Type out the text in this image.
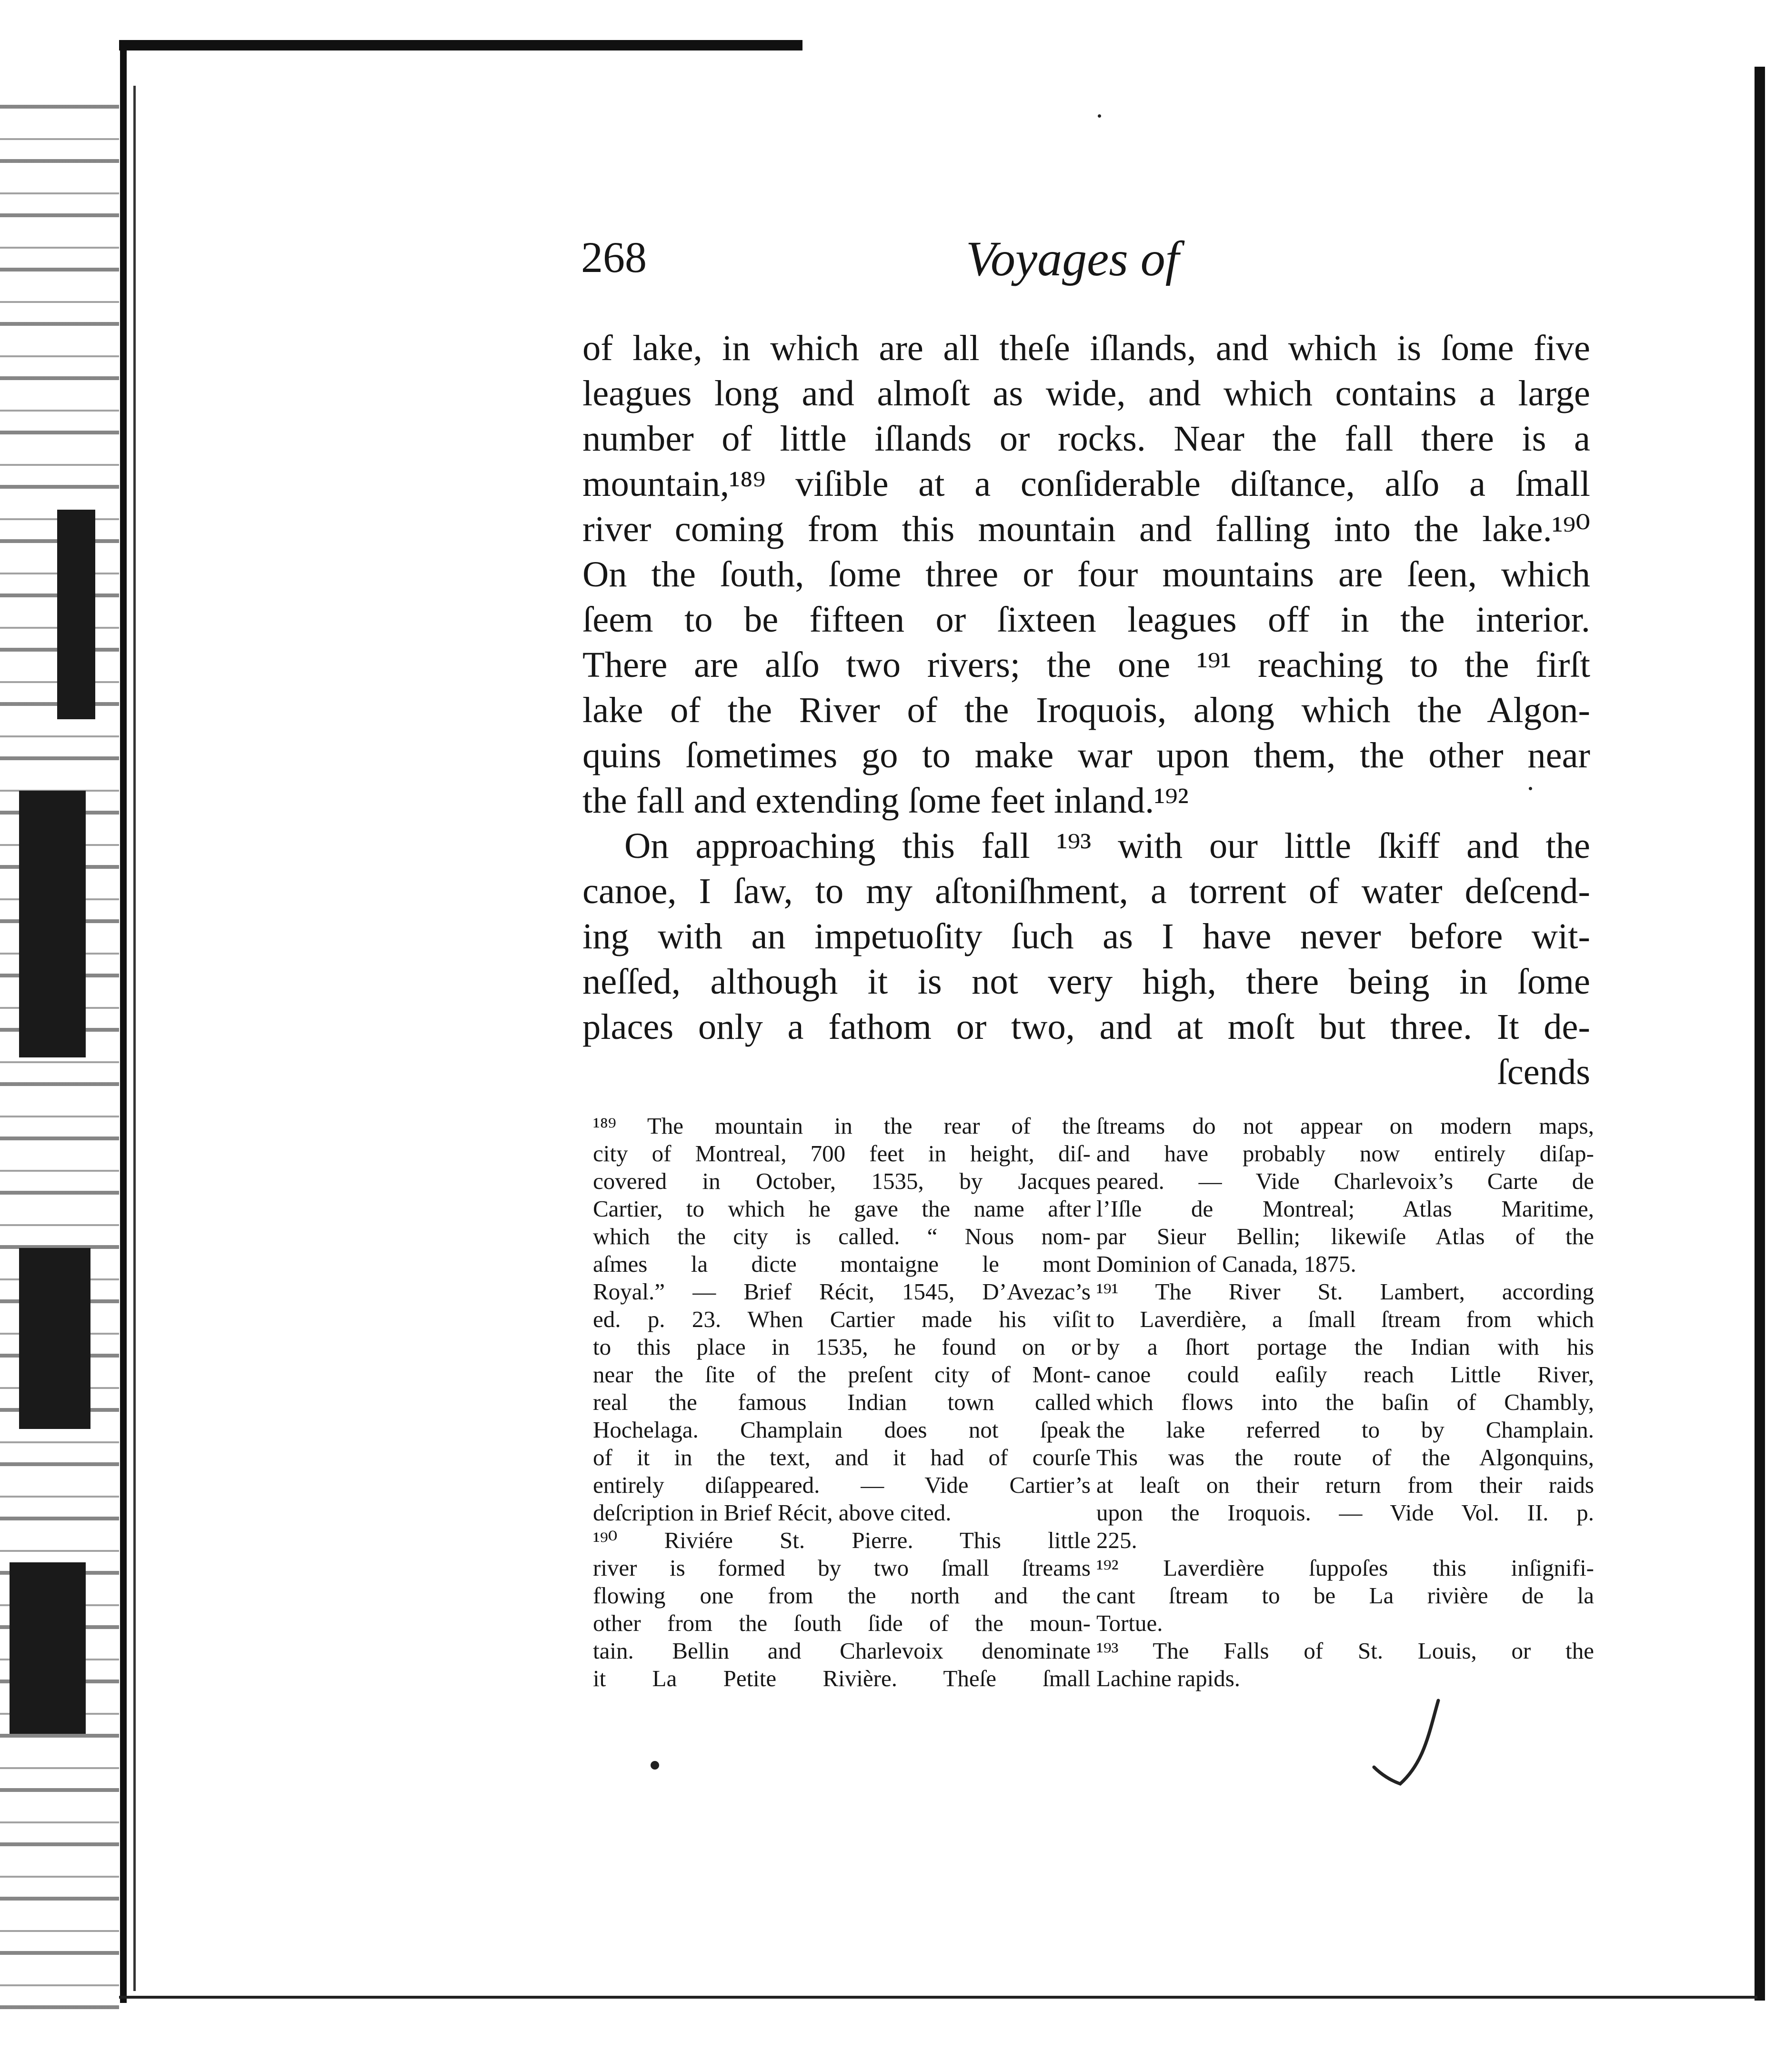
268	Voyages of
of lake, in which are all theſe iſlands, and which is ſome five
leagues long and almoſt as wide, and which contains a large
number of little iſlands or rocks. Near the fall there is a
mountain,¹⁸⁹ viſible at a conſiderable diſtance, alſo a ſmall
river coming from this mountain and falling into the lake.¹⁹⁰
On the ſouth, ſome three or four mountains are ſeen, which
ſeem to be fifteen or ſixteen leagues off in the interior.
There are alſo two rivers; the one ¹⁹¹ reaching to the firſt
lake of the River of the Iroquois, along which the Algon-
quins ſometimes go to make war upon them, the other near
the fall and extending ſome feet inland.¹⁹²
On approaching this fall ¹⁹³ with our little ſkiff and the
canoe, I ſaw, to my aſtoniſhment, a torrent of water deſcend-
ing with an impetuoſity ſuch as I have never before wit-
neſſed, although it is not very high, there being in ſome
places only a fathom or two, and at moſt but three. It de-
ſcends
¹⁸⁹ The mountain in the rear of the
city of Montreal, 700 feet in height, diſ-
covered in October, 1535, by Jacques
Cartier, to which he gave the name after
which the city is called. “ Nous nom-
aſmes la dicte montaigne le mont
Royal.” — Brief Récit, 1545, D’Avezac’s
ed. p. 23. When Cartier made his viſit
to this place in 1535, he found on or
near the ſite of the preſent city of Mont-
real the famous Indian town called
Hochelaga. Champlain does not ſpeak
of it in the text, and it had of courſe
entirely diſappeared. — Vide Cartier’s
deſcription in Brief Récit, above cited.
¹⁹⁰ Riviére St. Pierre. This little
river is formed by two ſmall ſtreams
flowing one from the north and the
other from the ſouth ſide of the moun-
tain. Bellin and Charlevoix denominate
it La Petite Rivière. Theſe ſmall
ſtreams do not appear on modern maps,
and have probably now entirely diſap-
peared. — Vide Charlevoix’s Carte de
l’Iſle de Montreal; Atlas Maritime,
par Sieur Bellin; likewiſe Atlas of the
Dominion of Canada, 1875.
¹⁹¹ The River St. Lambert, according
to Laverdière, a ſmall ſtream from which
by a ſhort portage the Indian with his
canoe could eaſily reach Little River,
which flows into the baſin of Chambly,
the lake referred to by Champlain.
This was the route of the Algonquins,
at leaſt on their return from their raids
upon the Iroquois. — Vide Vol. II. p.
225.
¹⁹² Laverdière ſuppoſes this inſignifi-
cant ſtream to be La rivière de la
Tortue.
¹⁹³ The Falls of St. Louis, or the
Lachine rapids.
